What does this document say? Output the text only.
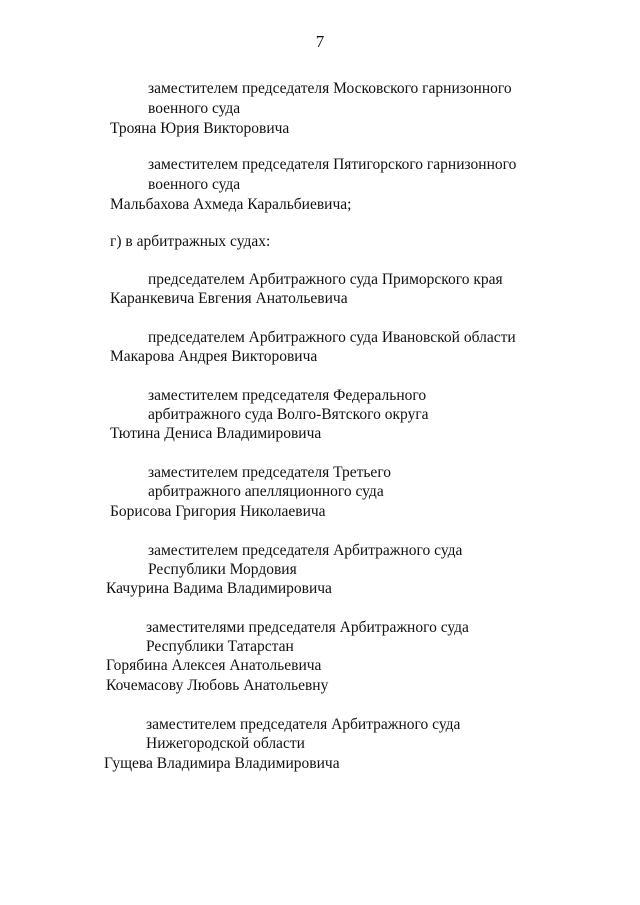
7
заместителем председателя Московского гарнизонного
военного суда
Трояна Юрия Викторовича
заместителем председателя Пятигорского гарнизонного
военного суда
Мальбахова Ахмеда Каральбиевича;
г) в арбитражных судах:
председателем Арбитражного суда Приморского края
Каранкевича Евгения Анатольевича
председателем Арбитражного суда Ивановской области
Макарова Андрея Викторовича
заместителем председателя Федерального
арбитражного суда Волго-Вятского округа
Тютина Дениса Владимировича
заместителем председателя Третьего
арбитражного апелляционного суда
Борисова Григория Николаевича
заместителем председателя Арбитражного суда
Республики Мордовия
Качурина Вадима Владимировича
заместителями председателя Арбитражного суда
Республики Татарстан
Горябина Алексея Анатольевича
Кочемасову Любовь Анатольевну
заместителем председателя Арбитражного суда
Нижегородской области
Гущева Владимира Владимировича
